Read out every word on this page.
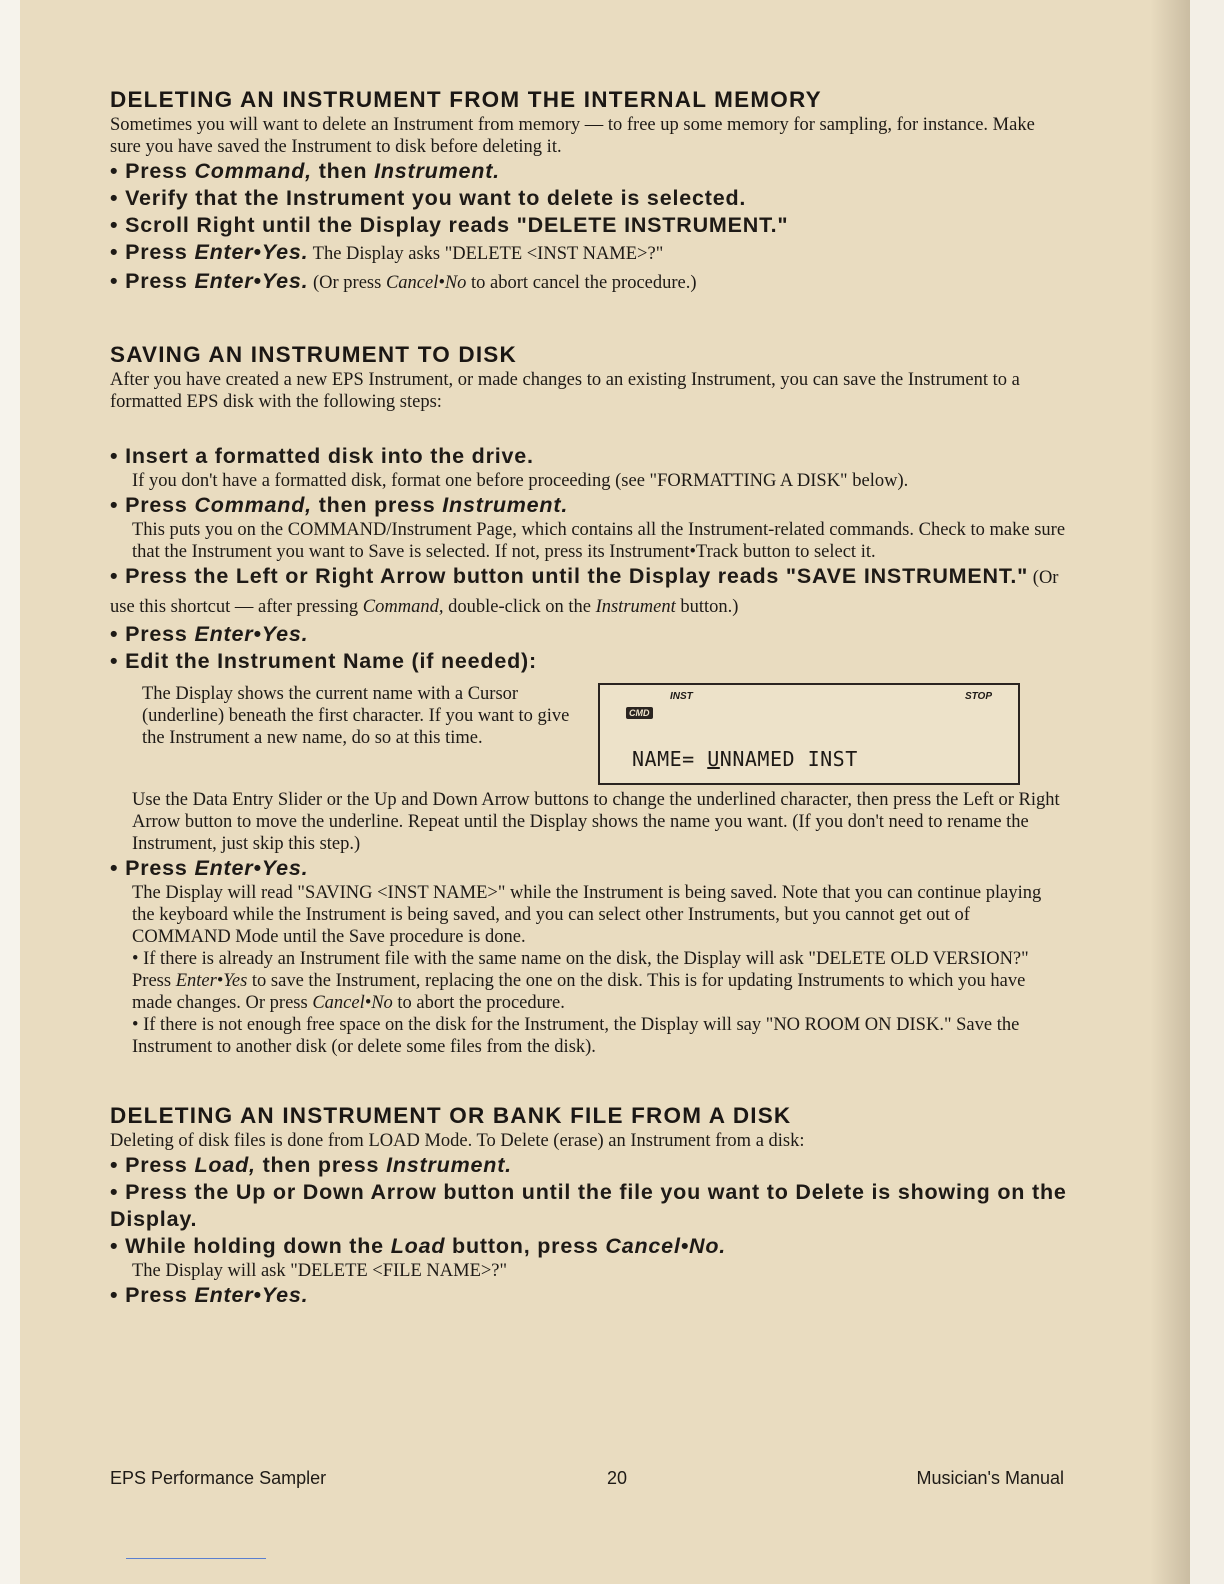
DELETING AN INSTRUMENT FROM THE INTERNAL MEMORY

Sometimes you will want to delete an Instrument from memory — to free up some memory for sampling, for instance. Make sure you have saved the Instrument to disk before deleting it.

• Press Command, then Instrument.

• Verify that the Instrument you want to delete is selected.

• Scroll Right until the Display reads "DELETE INSTRUMENT."

• Press Enter•Yes. The Display asks "DELETE <INST NAME>?"

• Press Enter•Yes. (Or press Cancel•No to abort cancel the procedure.)

SAVING AN INSTRUMENT TO DISK

After you have created a new EPS Instrument, or made changes to an existing Instrument, you can save the Instrument to a formatted EPS disk with the following steps:

• Insert a formatted disk into the drive.

If you don't have a formatted disk, format one before proceeding (see "FORMATTING A DISK" below).

• Press Command, then press Instrument.

This puts you on the COMMAND/Instrument Page, which contains all the Instrument-related commands. Check to make sure that the Instrument you want to Save is selected. If not, press its Instrument•Track button to select it.

• Press the Left or Right Arrow button until the Display reads "SAVE INSTRUMENT." (Or use this shortcut — after pressing Command, double-click on the Instrument button.)

• Press Enter•Yes.

• Edit the Instrument Name (if needed):

The Display shows the current name with a Cursor (underline) beneath the first character. If you want to give the Instrument a new name, do so at this time.
INST	STOP
CMD
NAME= UNNAMED INST

Use the Data Entry Slider or the Up and Down Arrow buttons to change the underlined character, then press the Left or Right Arrow button to move the underline. Repeat until the Display shows the name you want. (If you don't need to rename the Instrument, just skip this step.)

• Press Enter•Yes.

The Display will read "SAVING <INST NAME>" while the Instrument is being saved. Note that you can continue playing the keyboard while the Instrument is being saved, and you can select other Instruments, but you cannot get out of COMMAND Mode until the Save procedure is done.

• If there is already an Instrument file with the same name on the disk, the Display will ask "DELETE OLD VERSION?" Press Enter•Yes to save the Instrument, replacing the one on the disk. This is for updating Instruments to which you have made changes. Or press Cancel•No to abort the procedure.

• If there is not enough free space on the disk for the Instrument, the Display will say "NO ROOM ON DISK." Save the Instrument to another disk (or delete some files from the disk).

DELETING AN INSTRUMENT OR BANK FILE FROM A DISK

Deleting of disk files is done from LOAD Mode. To Delete (erase) an Instrument from a disk:

• Press Load, then press Instrument.

• Press the Up or Down Arrow button until the file you want to Delete is showing on the Display.

• While holding down the Load button, press Cancel•No.

The Display will ask "DELETE <FILE NAME>?"

• Press Enter•Yes.

EPS Performance Sampler	20	Musician's Manual
